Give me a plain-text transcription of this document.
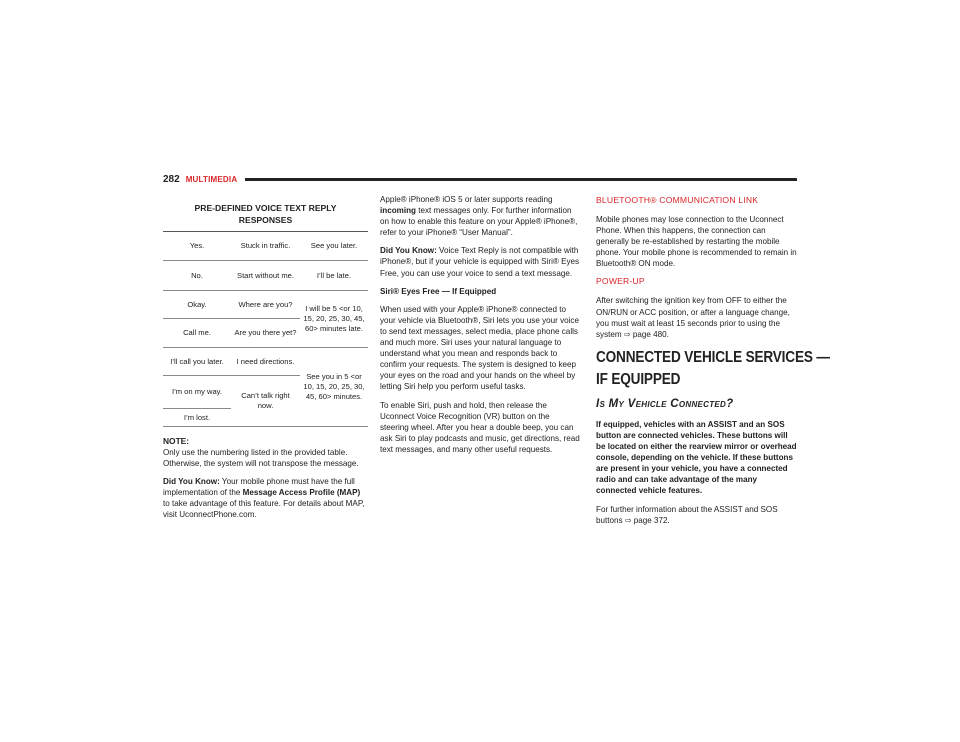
282 MULTIMEDIA
PRE-DEFINED VOICE TEXT REPLY RESPONSES		
Yes.	Stuck in traffic.	See you later.
No.	Start without me.	I’ll be late.
Okay.	Where are you?	I will be 5 <or 10, 15, 20, 25, 30, 45, 60> minutes late.
Call me.	Are you there yet?	
I’ll call you later.	I need directions.	See you in 5 <or 10, 15, 20, 25, 30, 45, 60> minutes.
I’m on my way.	Can’t talk right now.	
I’m lost.		
NOTE:

Only use the numbering listed in the provided table. Otherwise, the system will not transpose the message.

Did You Know: Your mobile phone must have the full implementation of the Message Access Profile (MAP) to take advantage of this feature. For details about MAP, visit UconnectPhone.com.

Apple® iPhone® iOS 5 or later supports reading incoming text messages only. For further information on how to enable this feature on your Apple® iPhone®, refer to your iPhone® “User Manual”.

Did You Know: Voice Text Reply is not compatible with iPhone®, but if your vehicle is equipped with Siri® Eyes Free, you can use your voice to send a text message.

Siri® Eyes Free — If Equipped

When used with your Apple® iPhone® connected to your vehicle via Bluetooth®, Siri lets you use your voice to send text messages, select media, place phone calls and much more. Siri uses your natural language to understand what you mean and responds back to confirm your requests. The system is designed to keep your eyes on the road and your hands on the wheel by letting Siri help you perform useful tasks.

To enable Siri, push and hold, then release the Uconnect Voice Recognition (VR) button on the steering wheel. After you hear a double beep, you can ask Siri to play podcasts and music, get directions, read text messages, and many other useful requests.

BLUETOOTH® COMMUNICATION LINK

Mobile phones may lose connection to the Uconnect Phone. When this happens, the connection can generally be re-established by restarting the mobile phone. Your mobile phone is recommended to remain in Bluetooth® ON mode.

POWER-UP

After switching the ignition key from OFF to either the ON/RUN or ACC position, or after a language change, you must wait at least 15 seconds prior to using the system ⇨ page 480.

CONNECTED VEHICLE SERVICES —
IF EQUIPPED
Is My Vehicle Connected?

If equipped, vehicles with an ASSIST and an SOS button are connected vehicles. These buttons will be located on either the rearview mirror or overhead console, depending on the vehicle. If these buttons are present in your vehicle, you have a connected radio and can take advantage of the many connected vehicle features.

For further information about the ASSIST and SOS buttons ⇨ page 372.
